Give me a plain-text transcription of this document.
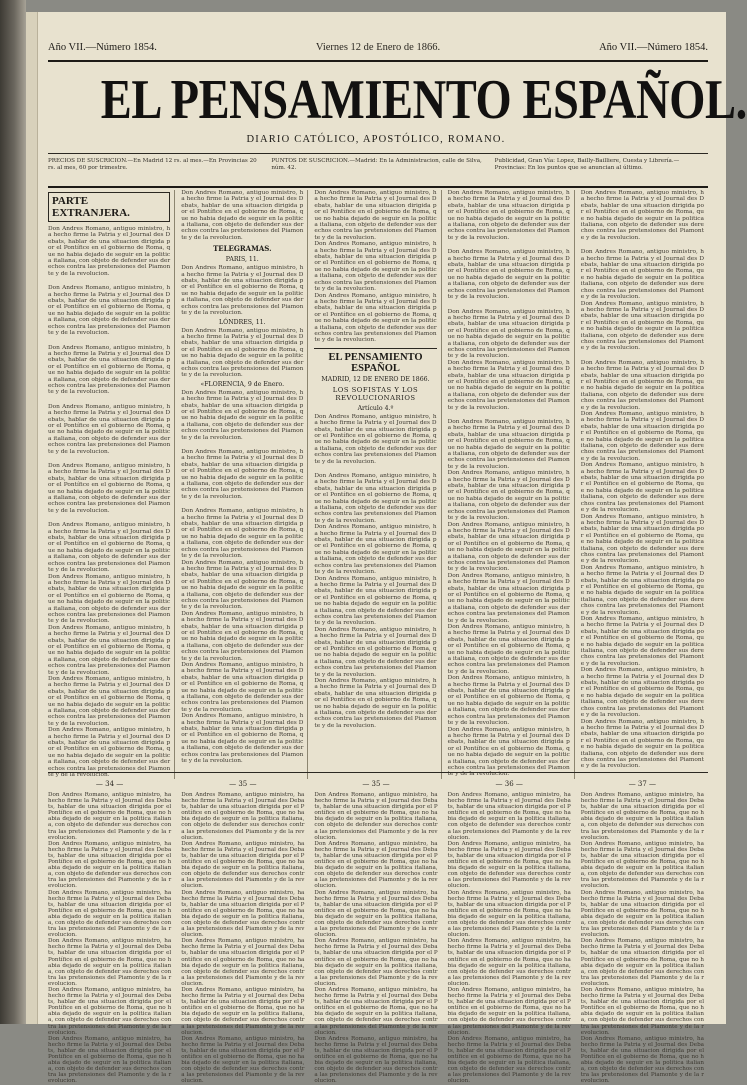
Año VII.—Número 1854.	Viernes 12 de Enero de 1866.	Año VII.—Número 1854.
EL PENSAMIENTO ESPAÑOL.
DIARIO CATÓLICO, APOSTÓLICO, ROMANO.
PRECIOS DE SUSCRICION.—En Madrid 12 rs. al mes.—En Provincias 20 rs. al mes, 60 por trimestre.
PUNTOS DE SUSCRICION.—Madrid: En la Administracion, calle de Silva, núm. 42.
Publicidad, Gran Vía: Lopez, Bailly-Bailliere, Cuesta y Librería.—Provincias: En los puntos que se anuncian al último.
PARTE EXTRANJERA.
Don Andres Romano, antiguo ministro, ha hecho firme la Patria y el Journal des Debats, hablar de una situacion dirigida por el Pontífice en el gobierno de Roma, que no habia dejado de seguir en la politica italiana, con objeto de defender sus derechos contra las pretensiones del Piamonte y de la revolucion.
Don Andres Romano, antiguo ministro, ha hecho firme la Patria y el Journal des Debats, hablar de una situacion dirigida por el Pontífice en el gobierno de Roma, que no habia dejado de seguir en la politica italiana, con objeto de defender sus derechos contra las pretensiones del Piamonte y de la revolucion.
Don Andres Romano, antiguo ministro, ha hecho firme la Patria y el Journal des Debats, hablar de una situacion dirigida por el Pontífice en el gobierno de Roma, que no habia dejado de seguir en la politica italiana, con objeto de defender sus derechos contra las pretensiones del Piamonte y de la revolucion.
Don Andres Romano, antiguo ministro, ha hecho firme la Patria y el Journal des Debats, hablar de una situacion dirigida por el Pontífice en el gobierno de Roma, que no habia dejado de seguir en la politica italiana, con objeto de defender sus derechos contra las pretensiones del Piamonte y de la revolucion.
Don Andres Romano, antiguo ministro, ha hecho firme la Patria y el Journal des Debats, hablar de una situacion dirigida por el Pontífice en el gobierno de Roma, que no habia dejado de seguir en la politica italiana, con objeto de defender sus derechos contra las pretensiones del Piamonte y de la revolucion.
Don Andres Romano, antiguo ministro, ha hecho firme la Patria y el Journal des Debats, hablar de una situacion dirigida por el Pontífice en el gobierno de Roma, que no habia dejado de seguir en la politica italiana, con objeto de defender sus derechos contra las pretensiones del Piamonte y de la revolucion.
Don Andres Romano, antiguo ministro, ha hecho firme la Patria y el Journal des Debats, hablar de una situacion dirigida por el Pontífice en el gobierno de Roma, que no habia dejado de seguir en la politica italiana, con objeto de defender sus derechos contra las pretensiones del Piamonte y de la revolucion.
Don Andres Romano, antiguo ministro, ha hecho firme la Patria y el Journal des Debats, hablar de una situacion dirigida por el Pontífice en el gobierno de Roma, que no habia dejado de seguir en la politica italiana, con objeto de defender sus derechos contra las pretensiones del Piamonte y de la revolucion.
Don Andres Romano, antiguo ministro, ha hecho firme la Patria y el Journal des Debats, hablar de una situacion dirigida por el Pontífice en el gobierno de Roma, que no habia dejado de seguir en la politica italiana, con objeto de defender sus derechos contra las pretensiones del Piamonte y de la revolucion.
Don Andres Romano, antiguo ministro, ha hecho firme la Patria y el Journal des Debats, hablar de una situacion dirigida por el Pontífice en el gobierno de Roma, que no habia dejado de seguir en la politica italiana, con objeto de defender sus derechos contra las pretensiones del Piamonte y de la revolucion.
Don Andres Romano, antiguo ministro, ha hecho firme la Patria y el Journal des Debats, hablar de una situacion dirigida por el Pontífice en el gobierno de Roma, que no habia dejado de seguir en la politica italiana, con objeto de defender sus derechos contra las pretensiones del Piamonte y de la revolucion.
TELEGRAMAS.
PARIS, 11.
Don Andres Romano, antiguo ministro, ha hecho firme la Patria y el Journal des Debats, hablar de una situacion dirigida por el Pontífice en el gobierno de Roma, que no habia dejado de seguir en la politica italiana, con objeto de defender sus derechos contra las pretensiones del Piamonte y de la revolucion.
LÓNDRES, 11.
Don Andres Romano, antiguo ministro, ha hecho firme la Patria y el Journal des Debats, hablar de una situacion dirigida por el Pontífice en el gobierno de Roma, que no habia dejado de seguir en la politica italiana, con objeto de defender sus derechos contra las pretensiones del Piamonte y de la revolucion.
«FLORENCIA, 9 de Enero.
Don Andres Romano, antiguo ministro, ha hecho firme la Patria y el Journal des Debats, hablar de una situacion dirigida por el Pontífice en el gobierno de Roma, que no habia dejado de seguir en la politica italiana, con objeto de defender sus derechos contra las pretensiones del Piamonte y de la revolucion.
Don Andres Romano, antiguo ministro, ha hecho firme la Patria y el Journal des Debats, hablar de una situacion dirigida por el Pontífice en el gobierno de Roma, que no habia dejado de seguir en la politica italiana, con objeto de defender sus derechos contra las pretensiones del Piamonte y de la revolucion.
Don Andres Romano, antiguo ministro, ha hecho firme la Patria y el Journal des Debats, hablar de una situacion dirigida por el Pontífice en el gobierno de Roma, que no habia dejado de seguir en la politica italiana, con objeto de defender sus derechos contra las pretensiones del Piamonte y de la revolucion.
Don Andres Romano, antiguo ministro, ha hecho firme la Patria y el Journal des Debats, hablar de una situacion dirigida por el Pontífice en el gobierno de Roma, que no habia dejado de seguir en la politica italiana, con objeto de defender sus derechos contra las pretensiones del Piamonte y de la revolucion.
Don Andres Romano, antiguo ministro, ha hecho firme la Patria y el Journal des Debats, hablar de una situacion dirigida por el Pontífice en el gobierno de Roma, que no habia dejado de seguir en la politica italiana, con objeto de defender sus derechos contra las pretensiones del Piamonte y de la revolucion.
Don Andres Romano, antiguo ministro, ha hecho firme la Patria y el Journal des Debats, hablar de una situacion dirigida por el Pontífice en el gobierno de Roma, que no habia dejado de seguir en la politica italiana, con objeto de defender sus derechos contra las pretensiones del Piamonte y de la revolucion.
Don Andres Romano, antiguo ministro, ha hecho firme la Patria y el Journal des Debats, hablar de una situacion dirigida por el Pontífice en el gobierno de Roma, que no habia dejado de seguir en la politica italiana, con objeto de defender sus derechos contra las pretensiones del Piamonte y de la revolucion.
Don Andres Romano, antiguo ministro, ha hecho firme la Patria y el Journal des Debats, hablar de una situacion dirigida por el Pontífice en el gobierno de Roma, que no habia dejado de seguir en la politica italiana, con objeto de defender sus derechos contra las pretensiones del Piamonte y de la revolucion.
Don Andres Romano, antiguo ministro, ha hecho firme la Patria y el Journal des Debats, hablar de una situacion dirigida por el Pontífice en el gobierno de Roma, que no habia dejado de seguir en la politica italiana, con objeto de defender sus derechos contra las pretensiones del Piamonte y de la revolucion.
Don Andres Romano, antiguo ministro, ha hecho firme la Patria y el Journal des Debats, hablar de una situacion dirigida por el Pontífice en el gobierno de Roma, que no habia dejado de seguir en la politica italiana, con objeto de defender sus derechos contra las pretensiones del Piamonte y de la revolucion.
EL PENSAMIENTO ESPAÑOL
MADRID, 12 DE ENERO DE 1866.
LOS SOFISTAS Y LOS REVOLUCIONARIOS
Artículo 4.º
Don Andres Romano, antiguo ministro, ha hecho firme la Patria y el Journal des Debats, hablar de una situacion dirigida por el Pontífice en el gobierno de Roma, que no habia dejado de seguir en la politica italiana, con objeto de defender sus derechos contra las pretensiones del Piamonte y de la revolucion.
Don Andres Romano, antiguo ministro, ha hecho firme la Patria y el Journal des Debats, hablar de una situacion dirigida por el Pontífice en el gobierno de Roma, que no habia dejado de seguir en la politica italiana, con objeto de defender sus derechos contra las pretensiones del Piamonte y de la revolucion.
Don Andres Romano, antiguo ministro, ha hecho firme la Patria y el Journal des Debats, hablar de una situacion dirigida por el Pontífice en el gobierno de Roma, que no habia dejado de seguir en la politica italiana, con objeto de defender sus derechos contra las pretensiones del Piamonte y de la revolucion.
Don Andres Romano, antiguo ministro, ha hecho firme la Patria y el Journal des Debats, hablar de una situacion dirigida por el Pontífice en el gobierno de Roma, que no habia dejado de seguir en la politica italiana, con objeto de defender sus derechos contra las pretensiones del Piamonte y de la revolucion.
Don Andres Romano, antiguo ministro, ha hecho firme la Patria y el Journal des Debats, hablar de una situacion dirigida por el Pontífice en el gobierno de Roma, que no habia dejado de seguir en la politica italiana, con objeto de defender sus derechos contra las pretensiones del Piamonte y de la revolucion.
Don Andres Romano, antiguo ministro, ha hecho firme la Patria y el Journal des Debats, hablar de una situacion dirigida por el Pontífice en el gobierno de Roma, que no habia dejado de seguir en la politica italiana, con objeto de defender sus derechos contra las pretensiones del Piamonte y de la revolucion.
Don Andres Romano, antiguo ministro, ha hecho firme la Patria y el Journal des Debats, hablar de una situacion dirigida por el Pontífice en el gobierno de Roma, que no habia dejado de seguir en la politica italiana, con objeto de defender sus derechos contra las pretensiones del Piamonte y de la revolucion.
Don Andres Romano, antiguo ministro, ha hecho firme la Patria y el Journal des Debats, hablar de una situacion dirigida por el Pontífice en el gobierno de Roma, que no habia dejado de seguir en la politica italiana, con objeto de defender sus derechos contra las pretensiones del Piamonte y de la revolucion.
Don Andres Romano, antiguo ministro, ha hecho firme la Patria y el Journal des Debats, hablar de una situacion dirigida por el Pontífice en el gobierno de Roma, que no habia dejado de seguir en la politica italiana, con objeto de defender sus derechos contra las pretensiones del Piamonte y de la revolucion.
Don Andres Romano, antiguo ministro, ha hecho firme la Patria y el Journal des Debats, hablar de una situacion dirigida por el Pontífice en el gobierno de Roma, que no habia dejado de seguir en la politica italiana, con objeto de defender sus derechos contra las pretensiones del Piamonte y de la revolucion.
Don Andres Romano, antiguo ministro, ha hecho firme la Patria y el Journal des Debats, hablar de una situacion dirigida por el Pontífice en el gobierno de Roma, que no habia dejado de seguir en la politica italiana, con objeto de defender sus derechos contra las pretensiones del Piamonte y de la revolucion.
Don Andres Romano, antiguo ministro, ha hecho firme la Patria y el Journal des Debats, hablar de una situacion dirigida por el Pontífice en el gobierno de Roma, que no habia dejado de seguir en la politica italiana, con objeto de defender sus derechos contra las pretensiones del Piamonte y de la revolucion.
Don Andres Romano, antiguo ministro, ha hecho firme la Patria y el Journal des Debats, hablar de una situacion dirigida por el Pontífice en el gobierno de Roma, que no habia dejado de seguir en la politica italiana, con objeto de defender sus derechos contra las pretensiones del Piamonte y de la revolucion.
Don Andres Romano, antiguo ministro, ha hecho firme la Patria y el Journal des Debats, hablar de una situacion dirigida por el Pontífice en el gobierno de Roma, que no habia dejado de seguir en la politica italiana, con objeto de defender sus derechos contra las pretensiones del Piamonte y de la revolucion.
Don Andres Romano, antiguo ministro, ha hecho firme la Patria y el Journal des Debats, hablar de una situacion dirigida por el Pontífice en el gobierno de Roma, que no habia dejado de seguir en la politica italiana, con objeto de defender sus derechos contra las pretensiones del Piamonte y de la revolucion.
Don Andres Romano, antiguo ministro, ha hecho firme la Patria y el Journal des Debats, hablar de una situacion dirigida por el Pontífice en el gobierno de Roma, que no habia dejado de seguir en la politica italiana, con objeto de defender sus derechos contra las pretensiones del Piamonte y de la revolucion.
Don Andres Romano, antiguo ministro, ha hecho firme la Patria y el Journal des Debats, hablar de una situacion dirigida por el Pontífice en el gobierno de Roma, que no habia dejado de seguir en la politica italiana, con objeto de defender sus derechos contra las pretensiones del Piamonte y de la revolucion.
Don Andres Romano, antiguo ministro, ha hecho firme la Patria y el Journal des Debats, hablar de una situacion dirigida por el Pontífice en el gobierno de Roma, que no habia dejado de seguir en la politica italiana, con objeto de defender sus derechos contra las pretensiones del Piamonte y de la revolucion.
Don Andres Romano, antiguo ministro, ha hecho firme la Patria y el Journal des Debats, hablar de una situacion dirigida por el Pontífice en el gobierno de Roma, que no habia dejado de seguir en la politica italiana, con objeto de defender sus derechos contra las pretensiones del Piamonte y de la revolucion.
Don Andres Romano, antiguo ministro, ha hecho firme la Patria y el Journal des Debats, hablar de una situacion dirigida por el Pontífice en el gobierno de Roma, que no habia dejado de seguir en la politica italiana, con objeto de defender sus derechos contra las pretensiones del Piamonte y de la revolucion.
Don Andres Romano, antiguo ministro, ha hecho firme la Patria y el Journal des Debats, hablar de una situacion dirigida por el Pontífice en el gobierno de Roma, que no habia dejado de seguir en la politica italiana, con objeto de defender sus derechos contra las pretensiones del Piamonte y de la revolucion.
Don Andres Romano, antiguo ministro, ha hecho firme la Patria y el Journal des Debats, hablar de una situacion dirigida por el Pontífice en el gobierno de Roma, que no habia dejado de seguir en la politica italiana, con objeto de defender sus derechos contra las pretensiones del Piamonte y de la revolucion.
Don Andres Romano, antiguo ministro, ha hecho firme la Patria y el Journal des Debats, hablar de una situacion dirigida por el Pontífice en el gobierno de Roma, que no habia dejado de seguir en la politica italiana, con objeto de defender sus derechos contra las pretensiones del Piamonte y de la revolucion.
Don Andres Romano, antiguo ministro, ha hecho firme la Patria y el Journal des Debats, hablar de una situacion dirigida por el Pontífice en el gobierno de Roma, que no habia dejado de seguir en la politica italiana, con objeto de defender sus derechos contra las pretensiones del Piamonte y de la revolucion.
Don Andres Romano, antiguo ministro, ha hecho firme la Patria y el Journal des Debats, hablar de una situacion dirigida por el Pontífice en el gobierno de Roma, que no habia dejado de seguir en la politica italiana, con objeto de defender sus derechos contra las pretensiones del Piamonte y de la revolucion.
Don Andres Romano, antiguo ministro, ha hecho firme la Patria y el Journal des Debats, hablar de una situacion dirigida por el Pontífice en el gobierno de Roma, que no habia dejado de seguir en la politica italiana, con objeto de defender sus derechos contra las pretensiones del Piamonte y de la revolucion.
Don Andres Romano, antiguo ministro, ha hecho firme la Patria y el Journal des Debats, hablar de una situacion dirigida por el Pontífice en el gobierno de Roma, que no habia dejado de seguir en la politica italiana, con objeto de defender sus derechos contra las pretensiones del Piamonte y de la revolucion.
Don Andres Romano, antiguo ministro, ha hecho firme la Patria y el Journal des Debats, hablar de una situacion dirigida por el Pontífice en el gobierno de Roma, que no habia dejado de seguir en la politica italiana, con objeto de defender sus derechos contra las pretensiones del Piamonte y de la revolucion.
— 34 —
Don Andres Romano, antiguo ministro, ha hecho firme la Patria y el Journal des Debats, hablar de una situacion dirigida por el Pontífice en el gobierno de Roma, que no habia dejado de seguir en la politica italiana, con objeto de defender sus derechos contra las pretensiones del Piamonte y de la revolucion.
Don Andres Romano, antiguo ministro, ha hecho firme la Patria y el Journal des Debats, hablar de una situacion dirigida por el Pontífice en el gobierno de Roma, que no habia dejado de seguir en la politica italiana, con objeto de defender sus derechos contra las pretensiones del Piamonte y de la revolucion.
Don Andres Romano, antiguo ministro, ha hecho firme la Patria y el Journal des Debats, hablar de una situacion dirigida por el Pontífice en el gobierno de Roma, que no habia dejado de seguir en la politica italiana, con objeto de defender sus derechos contra las pretensiones del Piamonte y de la revolucion.
Don Andres Romano, antiguo ministro, ha hecho firme la Patria y el Journal des Debats, hablar de una situacion dirigida por el Pontífice en el gobierno de Roma, que no habia dejado de seguir en la politica italiana, con objeto de defender sus derechos contra las pretensiones del Piamonte y de la revolucion.
Don Andres Romano, antiguo ministro, ha hecho firme la Patria y el Journal des Debats, hablar de una situacion dirigida por el Pontífice en el gobierno de Roma, que no habia dejado de seguir en la politica italiana, con objeto de defender sus derechos contra las pretensiones del Piamonte y de la revolucion.
Don Andres Romano, antiguo ministro, ha hecho firme la Patria y el Journal des Debats, hablar de una situacion dirigida por el Pontífice en el gobierno de Roma, que no habia dejado de seguir en la politica italiana, con objeto de defender sus derechos contra las pretensiones del Piamonte y de la revolucion.
— 35 —
Don Andres Romano, antiguo ministro, ha hecho firme la Patria y el Journal des Debats, hablar de una situacion dirigida por el Pontífice en el gobierno de Roma, que no habia dejado de seguir en la politica italiana, con objeto de defender sus derechos contra las pretensiones del Piamonte y de la revolucion.
Don Andres Romano, antiguo ministro, ha hecho firme la Patria y el Journal des Debats, hablar de una situacion dirigida por el Pontífice en el gobierno de Roma, que no habia dejado de seguir en la politica italiana, con objeto de defender sus derechos contra las pretensiones del Piamonte y de la revolucion.
Don Andres Romano, antiguo ministro, ha hecho firme la Patria y el Journal des Debats, hablar de una situacion dirigida por el Pontífice en el gobierno de Roma, que no habia dejado de seguir en la politica italiana, con objeto de defender sus derechos contra las pretensiones del Piamonte y de la revolucion.
Don Andres Romano, antiguo ministro, ha hecho firme la Patria y el Journal des Debats, hablar de una situacion dirigida por el Pontífice en el gobierno de Roma, que no habia dejado de seguir en la politica italiana, con objeto de defender sus derechos contra las pretensiones del Piamonte y de la revolucion.
Don Andres Romano, antiguo ministro, ha hecho firme la Patria y el Journal des Debats, hablar de una situacion dirigida por el Pontífice en el gobierno de Roma, que no habia dejado de seguir en la politica italiana, con objeto de defender sus derechos contra las pretensiones del Piamonte y de la revolucion.
Don Andres Romano, antiguo ministro, ha hecho firme la Patria y el Journal des Debats, hablar de una situacion dirigida por el Pontífice en el gobierno de Roma, que no habia dejado de seguir en la politica italiana, con objeto de defender sus derechos contra las pretensiones del Piamonte y de la revolucion.
— 35 —
Don Andres Romano, antiguo ministro, ha hecho firme la Patria y el Journal des Debats, hablar de una situacion dirigida por el Pontífice en el gobierno de Roma, que no habia dejado de seguir en la politica italiana, con objeto de defender sus derechos contra las pretensiones del Piamonte y de la revolucion.
Don Andres Romano, antiguo ministro, ha hecho firme la Patria y el Journal des Debats, hablar de una situacion dirigida por el Pontífice en el gobierno de Roma, que no habia dejado de seguir en la politica italiana, con objeto de defender sus derechos contra las pretensiones del Piamonte y de la revolucion.
Don Andres Romano, antiguo ministro, ha hecho firme la Patria y el Journal des Debats, hablar de una situacion dirigida por el Pontífice en el gobierno de Roma, que no habia dejado de seguir en la politica italiana, con objeto de defender sus derechos contra las pretensiones del Piamonte y de la revolucion.
Don Andres Romano, antiguo ministro, ha hecho firme la Patria y el Journal des Debats, hablar de una situacion dirigida por el Pontífice en el gobierno de Roma, que no habia dejado de seguir en la politica italiana, con objeto de defender sus derechos contra las pretensiones del Piamonte y de la revolucion.
Don Andres Romano, antiguo ministro, ha hecho firme la Patria y el Journal des Debats, hablar de una situacion dirigida por el Pontífice en el gobierno de Roma, que no habia dejado de seguir en la politica italiana, con objeto de defender sus derechos contra las pretensiones del Piamonte y de la revolucion.
Don Andres Romano, antiguo ministro, ha hecho firme la Patria y el Journal des Debats, hablar de una situacion dirigida por el Pontífice en el gobierno de Roma, que no habia dejado de seguir en la politica italiana, con objeto de defender sus derechos contra las pretensiones del Piamonte y de la revolucion.
— 36 —
Don Andres Romano, antiguo ministro, ha hecho firme la Patria y el Journal des Debats, hablar de una situacion dirigida por el Pontífice en el gobierno de Roma, que no habia dejado de seguir en la politica italiana, con objeto de defender sus derechos contra las pretensiones del Piamonte y de la revolucion.
Don Andres Romano, antiguo ministro, ha hecho firme la Patria y el Journal des Debats, hablar de una situacion dirigida por el Pontífice en el gobierno de Roma, que no habia dejado de seguir en la politica italiana, con objeto de defender sus derechos contra las pretensiones del Piamonte y de la revolucion.
Don Andres Romano, antiguo ministro, ha hecho firme la Patria y el Journal des Debats, hablar de una situacion dirigida por el Pontífice en el gobierno de Roma, que no habia dejado de seguir en la politica italiana, con objeto de defender sus derechos contra las pretensiones del Piamonte y de la revolucion.
Don Andres Romano, antiguo ministro, ha hecho firme la Patria y el Journal des Debats, hablar de una situacion dirigida por el Pontífice en el gobierno de Roma, que no habia dejado de seguir en la politica italiana, con objeto de defender sus derechos contra las pretensiones del Piamonte y de la revolucion.
Don Andres Romano, antiguo ministro, ha hecho firme la Patria y el Journal des Debats, hablar de una situacion dirigida por el Pontífice en el gobierno de Roma, que no habia dejado de seguir en la politica italiana, con objeto de defender sus derechos contra las pretensiones del Piamonte y de la revolucion.
Don Andres Romano, antiguo ministro, ha hecho firme la Patria y el Journal des Debats, hablar de una situacion dirigida por el Pontífice en el gobierno de Roma, que no habia dejado de seguir en la politica italiana, con objeto de defender sus derechos contra las pretensiones del Piamonte y de la revolucion.
— 37 —
Don Andres Romano, antiguo ministro, ha hecho firme la Patria y el Journal des Debats, hablar de una situacion dirigida por el Pontífice en el gobierno de Roma, que no habia dejado de seguir en la politica italiana, con objeto de defender sus derechos contra las pretensiones del Piamonte y de la revolucion.
Don Andres Romano, antiguo ministro, ha hecho firme la Patria y el Journal des Debats, hablar de una situacion dirigida por el Pontífice en el gobierno de Roma, que no habia dejado de seguir en la politica italiana, con objeto de defender sus derechos contra las pretensiones del Piamonte y de la revolucion.
Don Andres Romano, antiguo ministro, ha hecho firme la Patria y el Journal des Debats, hablar de una situacion dirigida por el Pontífice en el gobierno de Roma, que no habia dejado de seguir en la politica italiana, con objeto de defender sus derechos contra las pretensiones del Piamonte y de la revolucion.
Don Andres Romano, antiguo ministro, ha hecho firme la Patria y el Journal des Debats, hablar de una situacion dirigida por el Pontífice en el gobierno de Roma, que no habia dejado de seguir en la politica italiana, con objeto de defender sus derechos contra las pretensiones del Piamonte y de la revolucion.
Don Andres Romano, antiguo ministro, ha hecho firme la Patria y el Journal des Debats, hablar de una situacion dirigida por el Pontífice en el gobierno de Roma, que no habia dejado de seguir en la politica italiana, con objeto de defender sus derechos contra las pretensiones del Piamonte y de la revolucion.
Don Andres Romano, antiguo ministro, ha hecho firme la Patria y el Journal des Debats, hablar de una situacion dirigida por el Pontífice en el gobierno de Roma, que no habia dejado de seguir en la politica italiana, con objeto de defender sus derechos contra las pretensiones del Piamonte y de la revolucion.
